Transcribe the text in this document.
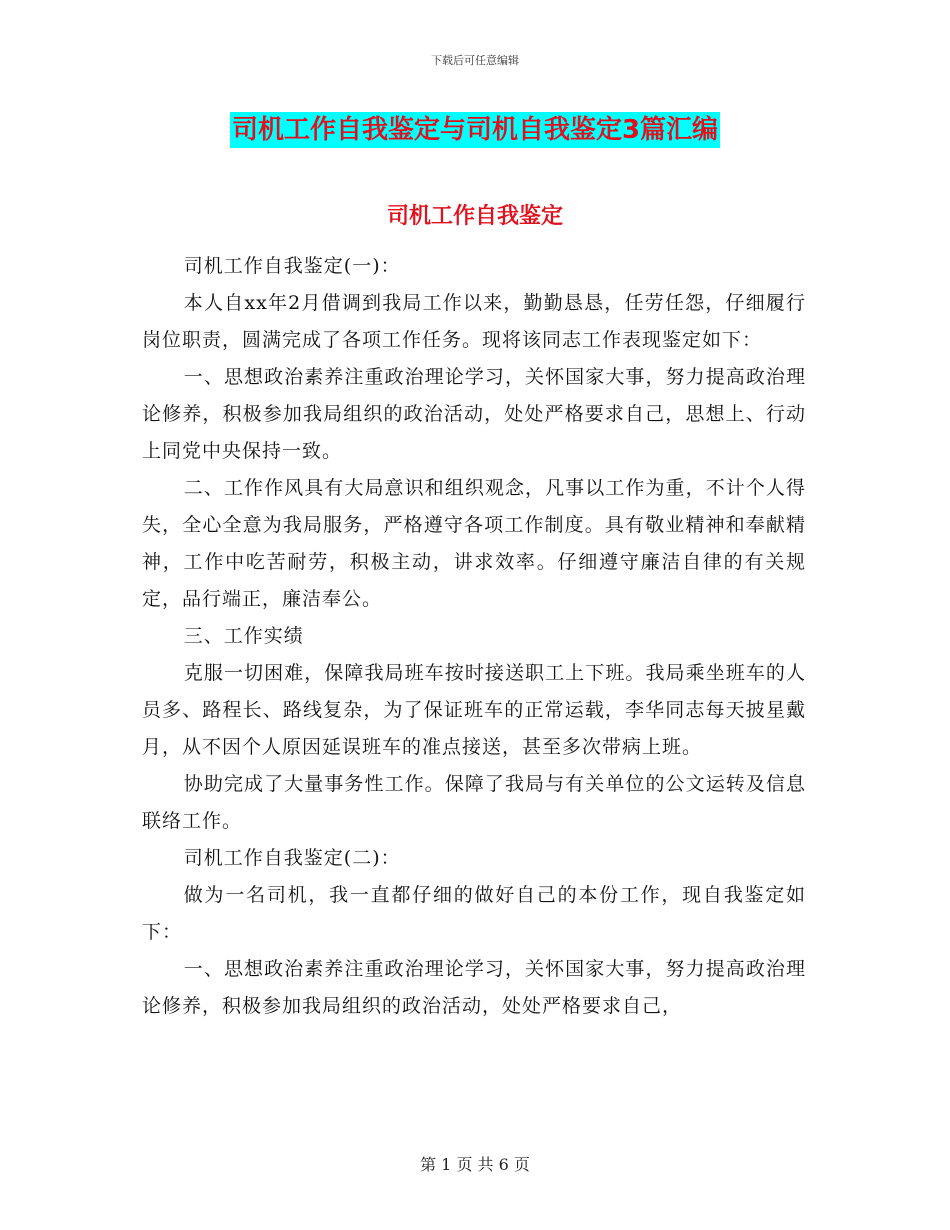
下载后可任意编辑
司机工作自我鉴定与司机自我鉴定3篇汇编
司机工作自我鉴定

司机工作自我鉴定(一)：

本人自xx年2月借调到我局工作以来，勤勤恳恳，任劳任怨，仔细履行岗位职责，圆满完成了各项工作任务。现将该同志工作表现鉴定如下：

一、思想政治素养注重政治理论学习，关怀国家大事，努力提高政治理论修养，积极参加我局组织的政治活动，处处严格要求自己，思想上、行动上同党中央保持一致。

二、工作作风具有大局意识和组织观念，凡事以工作为重，不计个人得失，全心全意为我局服务，严格遵守各项工作制度。具有敬业精神和奉献精神，工作中吃苦耐劳，积极主动，讲求效率。仔细遵守廉洁自律的有关规定，品行端正，廉洁奉公。

三、工作实绩

克服一切困难，保障我局班车按时接送职工上下班。我局乘坐班车的人员多、路程长、路线复杂，为了保证班车的正常运载，李华同志每天披星戴月，从不因个人原因延误班车的准点接送，甚至多次带病上班。

协助完成了大量事务性工作。保障了我局与有关单位的公文运转及信息联络工作。

司机工作自我鉴定(二)：

做为一名司机，我一直都仔细的做好自己的本份工作，现自我鉴定如下：

一、思想政治素养注重政治理论学习，关怀国家大事，努力提高政治理论修养，积极参加我局组织的政治活动，处处严格要求自己，

第 1 页 共 6 页
